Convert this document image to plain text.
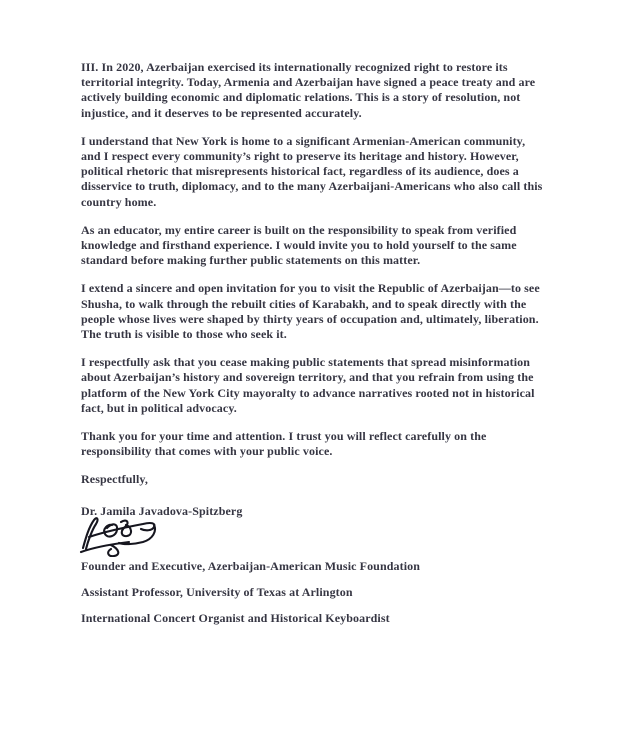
III. In 2020, Azerbaijan exercised its internationally recognized right to restore its territorial integrity. Today, Armenia and Azerbaijan have signed a peace treaty and are actively building economic and diplomatic relations. This is a story of resolution, not injustice, and it deserves to be represented accurately.

I understand that New York is home to a significant Armenian-American community, and I respect every community’s right to preserve its heritage and history. However, political rhetoric that misrepresents historical fact, regardless of its audience, does a disservice to truth, diplomacy, and to the many Azerbaijani-Americans who also call this country home.

As an educator, my entire career is built on the responsibility to speak from verified knowledge and firsthand experience. I would invite you to hold yourself to the same standard before making further public statements on this matter.

I extend a sincere and open invitation for you to visit the Republic of Azerbaijan—to see Shusha, to walk through the rebuilt cities of Karabakh, and to speak directly with the people whose lives were shaped by thirty years of occupation and, ultimately, liberation. The truth is visible to those who seek it.

I respectfully ask that you cease making public statements that spread misinformation about Azerbaijan’s history and sovereign territory, and that you refrain from using the platform of the New York City mayoralty to advance narratives rooted not in historical fact, but in political advocacy.

Thank you for your time and attention. I trust you will reflect carefully on the responsibility that comes with your public voice.

Respectfully,

Dr. Jamila Javadova-Spitzberg

Founder and Executive, Azerbaijan-American Music Foundation

Assistant Professor, University of Texas at Arlington

International Concert Organist and Historical Keyboardist
